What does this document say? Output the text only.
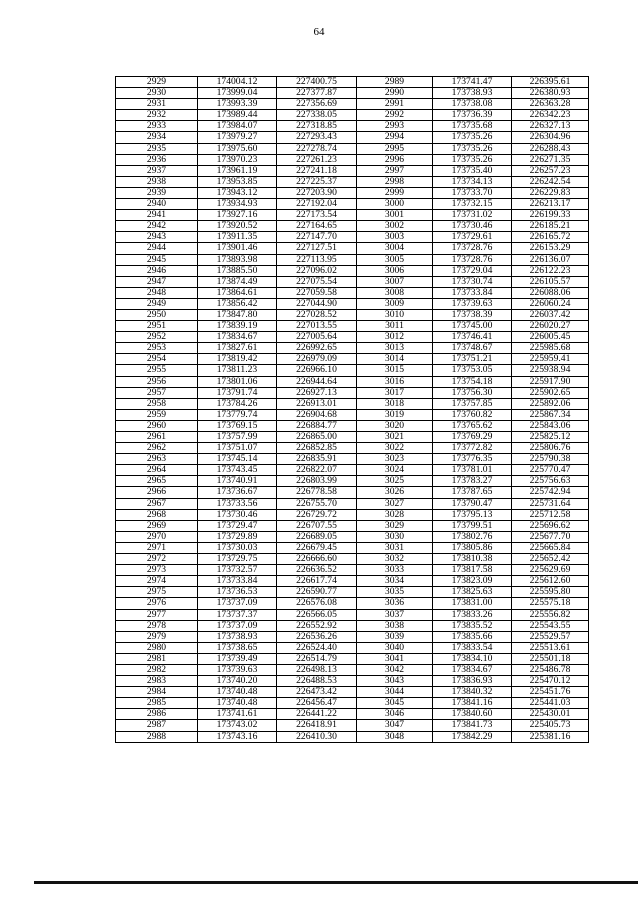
64
2929	174004.12	227400.75	2989	173741.47	226395.61
2930	173999.04	227377.87	2990	173738.93	226380.93
2931	173993.39	227356.69	2991	173738.08	226363.28
2932	173989.44	227338.05	2992	173736.39	226342.23
2933	173984.07	227318.85	2993	173735.68	226327.13
2934	173979.27	227293.43	2994	173735.26	226304.96
2935	173975.60	227278.74	2995	173735.26	226288.43
2936	173970.23	227261.23	2996	173735.26	226271.35
2937	173961.19	227241.18	2997	173735.40	226257.23
2938	173953.85	227225.37	2998	173734.13	226242.54
2939	173943.12	227203.90	2999	173733.70	226229.83
2940	173934.93	227192.04	3000	173732.15	226213.17
2941	173927.16	227173.54	3001	173731.02	226199.33
2942	173920.52	227164.65	3002	173730.46	226185.21
2943	173911.35	227147.70	3003	173729.61	226165.72
2944	173901.46	227127.51	3004	173728.76	226153.29
2945	173893.98	227113.95	3005	173728.76	226136.07
2946	173885.50	227096.02	3006	173729.04	226122.23
2947	173874.49	227075.54	3007	173730.74	226105.57
2948	173864.61	227059.58	3008	173733.84	226088.06
2949	173856.42	227044.90	3009	173739.63	226060.24
2950	173847.80	227028.52	3010	173738.39	226037.42
2951	173839.19	227013.55	3011	173745.00	226020.27
2952	173834.67	227005.64	3012	173746.41	226005.45
2953	173827.61	226992.65	3013	173748.67	225985.68
2954	173819.42	226979.09	3014	173751.21	225959.41
2955	173811.23	226966.10	3015	173753.05	225938.94
2956	173801.06	226944.64	3016	173754.18	225917.90
2957	173791.74	226927.13	3017	173756.30	225902.65
2958	173784.26	226913.01	3018	173757.85	225892.06
2959	173779.74	226904.68	3019	173760.82	225867.34
2960	173769.15	226884.77	3020	173765.62	225843.06
2961	173757.99	226865.00	3021	173769.29	225825.12
2962	173751.07	226852.85	3022	173772.82	225806.76
2963	173745.14	226835.91	3023	173776.35	225790.38
2964	173743.45	226822.07	3024	173781.01	225770.47
2965	173740.91	226803.99	3025	173783.27	225756.63
2966	173736.67	226778.58	3026	173787.65	225742.94
2967	173733.56	226755.70	3027	173790.47	225731.64
2968	173730.46	226729.72	3028	173795.13	225712.58
2969	173729.47	226707.55	3029	173799.51	225696.62
2970	173729.89	226689.05	3030	173802.76	225677.70
2971	173730.03	226679.45	3031	173805.86	225665.84
2972	173729.75	226666.60	3032	173810.38	225652.42
2973	173732.57	226636.52	3033	173817.58	225629.69
2974	173733.84	226617.74	3034	173823.09	225612.60
2975	173736.53	226590.77	3035	173825.63	225595.80
2976	173737.09	226576.08	3036	173831.00	225575.18
2977	173737.37	226566.05	3037	173833.26	225556.82
2978	173737.09	226552.92	3038	173835.52	225543.55
2979	173738.93	226536.26	3039	173835.66	225529.57
2980	173738.65	226524.40	3040	173833.54	225513.61
2981	173739.49	226514.79	3041	173834.10	225501.18
2982	173739.63	226498.13	3042	173834.67	225486.78
2983	173740.20	226488.53	3043	173836.93	225470.12
2984	173740.48	226473.42	3044	173840.32	225451.76
2985	173740.48	226456.47	3045	173841.16	225441.03
2986	173741.61	226441.22	3046	173840.60	225430.01
2987	173743.02	226418.91	3047	173841.73	225405.73
2988	173743.16	226410.30	3048	173842.29	225381.16
